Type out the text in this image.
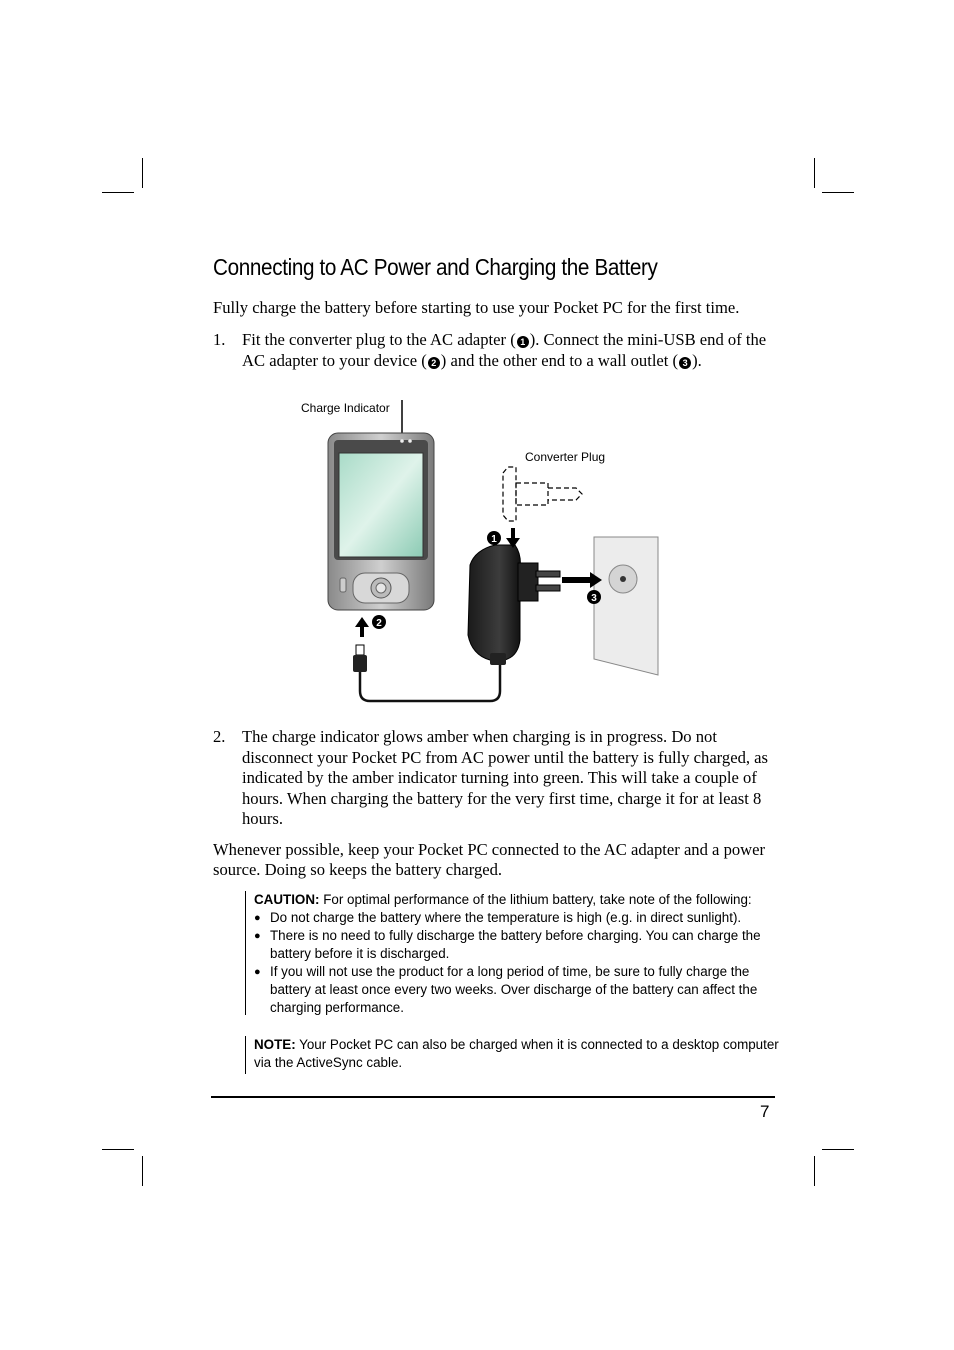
Connecting to AC Power and Charging the Battery
Fully charge the battery before starting to use your Pocket PC for the first time.
1. Fit the converter plug to the AC adapter ( 1 ). Connect the mini-USB end of the AC adapter to your device ( 2 ) and the other end to a wall outlet ( 3 ).
Charge Indicator
Converter Plug
2
1
3
2. The charge indicator glows amber when charging is in progress. Do not disconnect your Pocket PC from AC power until the battery is fully charged, as indicated by the amber indicator turning into green. This will take a couple of hours. When charging the battery for the very first time, charge it for at least 8 hours.
Whenever possible, keep your Pocket PC connected to the AC adapter and a power source. Doing so keeps the battery charged.
CAUTION: For optimal performance of the lithium battery, take note of the following:
● Do not charge the battery where the temperature is high (e.g. in direct sunlight).
● There is no need to fully discharge the battery before charging. You can charge the battery before it is discharged.
● If you will not use the product for a long period of time, be sure to fully charge the battery at least once every two weeks. Over discharge of the battery can affect the charging performance.
NOTE: Your Pocket PC can also be charged when it is connected to a desktop computer via the ActiveSync cable.
7
